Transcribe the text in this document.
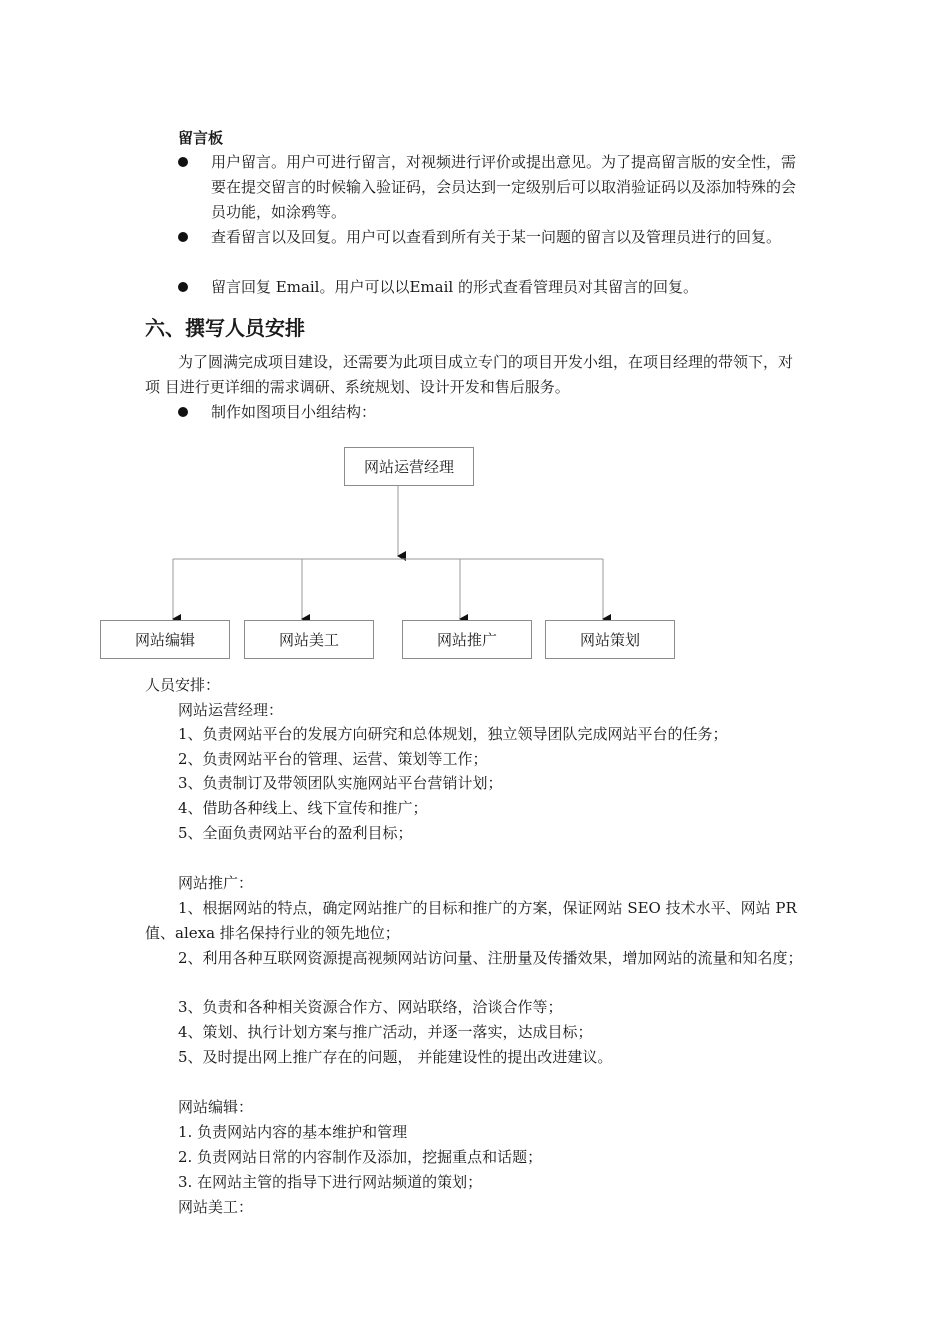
留言板
用户留言。用户可进行留言，对视频进行评价或提出意见。为了提高留言版的安全性，需要在提交留言的时候输入验证码，会员达到一定级别后可以取消验证码以及添加特殊的会员功能，如涂鸦等。
查看留言以及回复。用户可以查看到所有关于某一问题的留言以及管理员进行的回复。
留言回复 Email。用户可以以Email 的形式查看管理员对其留言的回复。
六、撰写人员安排
为了圆满完成项目建设，还需要为此项目成立专门的项目开发小组，在项目经理的带领下，对项 目进行更详细的需求调研、系统规划、设计开发和售后服务。
制作如图项目小组结构：
网站运营经理
网站编辑	网站美工	网站推广	网站策划
人员安排：
网站运营经理：
1、负责网站平台的发展方向研究和总体规划，独立领导团队完成网站平台的任务；
2、负责网站平台的管理、运营、策划等工作；
3、负责制订及带领团队实施网站平台营销计划；
4、借助各种线上、线下宣传和推广；
5、全面负责网站平台的盈利目标；
网站推广：
1、根据网站的特点，确定网站推广的目标和推广的方案，保证网站 SEO 技术水平、网站 PR 值、alexa 排名保持行业的领先地位；
2、利用各种互联网资源提高视频网站访问量、注册量及传播效果，增加网站的流量和知名度；
3、负责和各种相关资源合作方、网站联络，洽谈合作等；
4、策划、执行计划方案与推广活动，并逐一落实，达成目标；
5、及时提出网上推广存在的问题， 并能建设性的提出改进建议。
网站编辑：
1. 负责网站内容的基本维护和管理
2. 负责网站日常的内容制作及添加，挖掘重点和话题；
3. 在网站主管的指导下进行网站频道的策划；
网站美工：
